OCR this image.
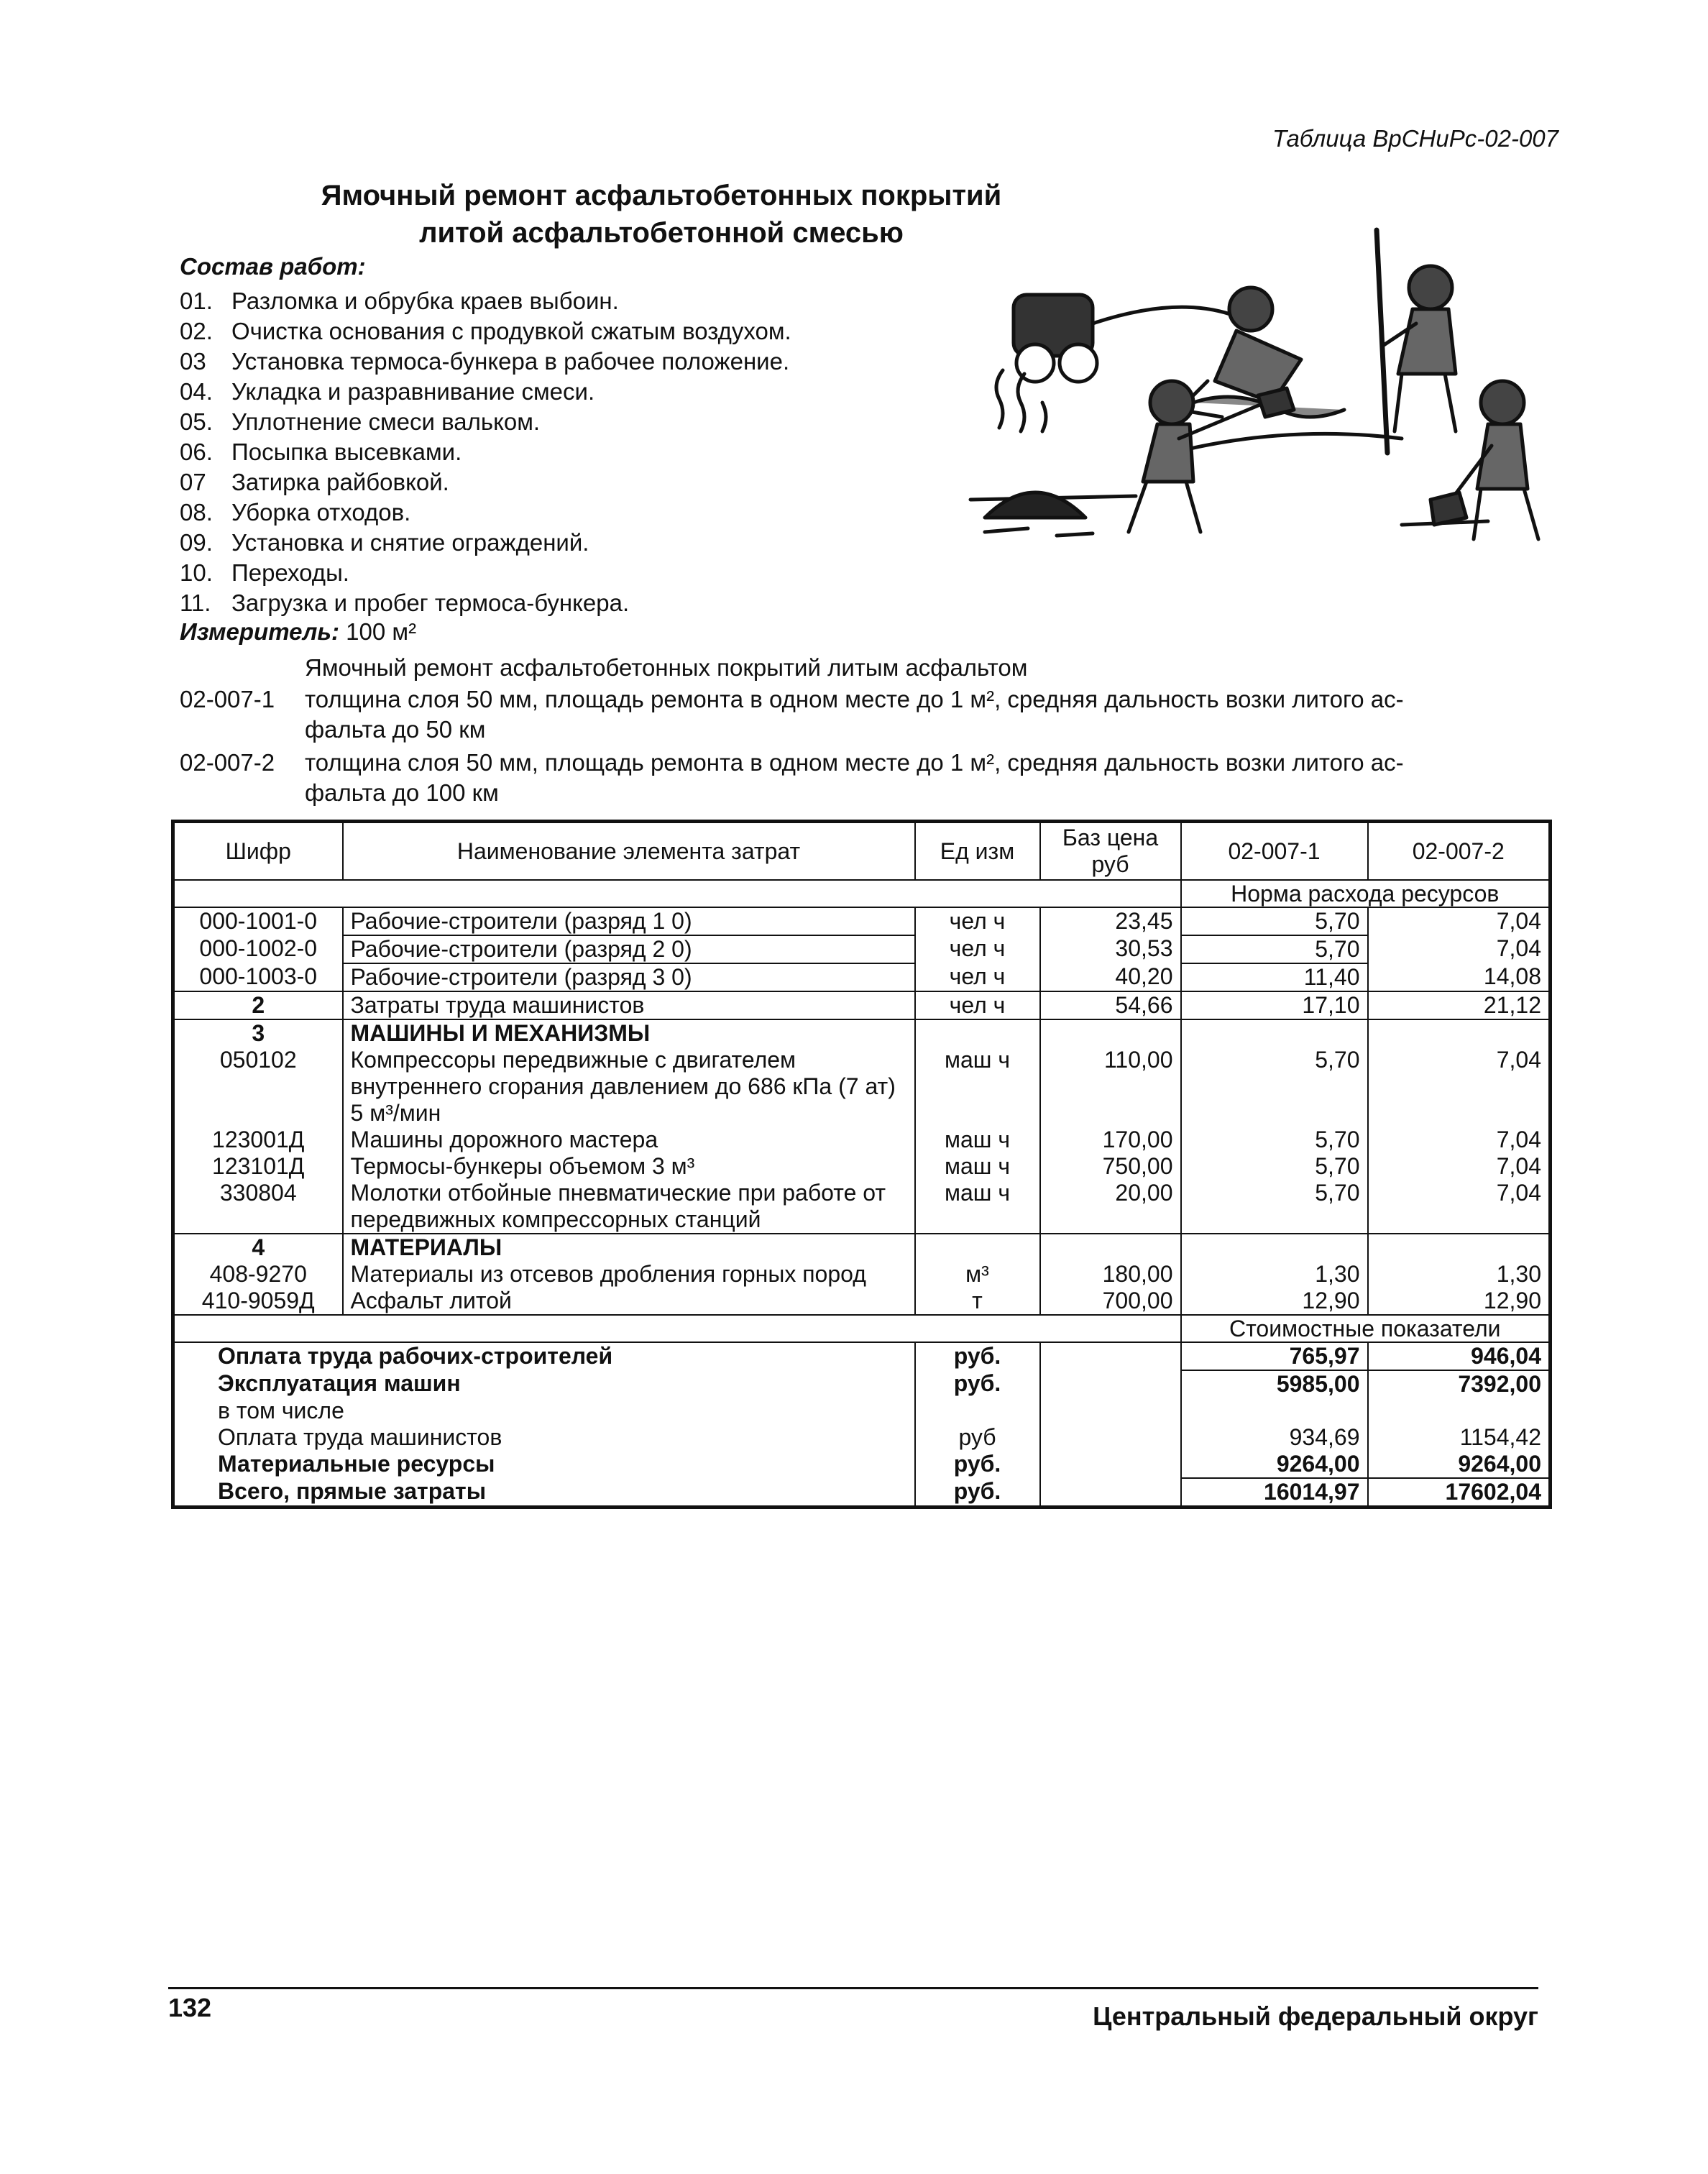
Таблица ВрСНиРс-02-007
Ямочный ремонт асфальтобетонных покрытий
литой асфальтобетонной смесью
Состав работ:
01. Разломка и обрубка краев выбоин.
02. Очистка основания с продувкой сжатым воздухом.
03 Установка термоса-бункера в рабочее положение.
04. Укладка и разравнивание смеси.
05. Уплотнение смеси вальком.
06. Посыпка высевками.
07 Затирка райбовкой.
08. Уборка отходов.
09. Установка и снятие ограждений.
10. Переходы.
11. Загрузка и пробег термоса-бункера.
Измеритель: 100 м²
Ямочный ремонт асфальтобетонных покрытий литым асфальтом
02-007-1 толщина слоя 50 мм, площадь ремонта в одном месте до 1 м², средняя дальность возки литого ас-
фальта до 50 км
02-007-2 толщина слоя 50 мм, площадь ремонта в одном месте до 1 м², средняя дальность возки литого ас-
фальта до 100 км
Шифр	Наименование элемента затрат	Ед изм	Баз цена руб	02-007-1	02-007-2
				Норма расхода ресурсов	
000-1001-0	Рабочие-строители (разряд 1 0)	чел ч	23,45	5,70	7,04
000-1002-0	Рабочие-строители (разряд 2 0)	чел ч	30,53	5,70	7,04
000-1003-0	Рабочие-строители (разряд 3 0)	чел ч	40,20	11,40	14,08
2	Затраты труда машинистов	чел ч	54,66	17,10	21,12
3	МАШИНЫ И МЕХАНИЗМЫ				
050102	Компрессоры передвижные с двигателем внутреннего сгорания давлением до 686 кПа (7 ат) 5 м³/мин	маш ч	110,00	5,70	7,04
123001Д	Машины дорожного мастера	маш ч	170,00	5,70	7,04
123101Д	Термосы-бункеры объемом 3 м³	маш ч	750,00	5,70	7,04
330804	Молотки отбойные пневматические при работе от передвижных компрессорных станций	маш ч	20,00	5,70	7,04
4	МАТЕРИАЛЫ				
408-9270	Материалы из отсевов дробления горных пород	м³	180,00	1,30	1,30
410-9059Д	Асфальт литой	т	700,00	12,90	12,90
				Стоимостные показатели	
Оплата труда рабочих-строителей		руб.		765,97	946,04
Эксплуатация машин		руб.		5985,00	7392,00
в том числе					
Оплата труда машинистов		руб		934,69	1154,42
Материальные ресурсы		руб.		9264,00	9264,00
Всего, прямые затраты		руб.		16014,97	17602,04
132	Центральный федеральный округ
